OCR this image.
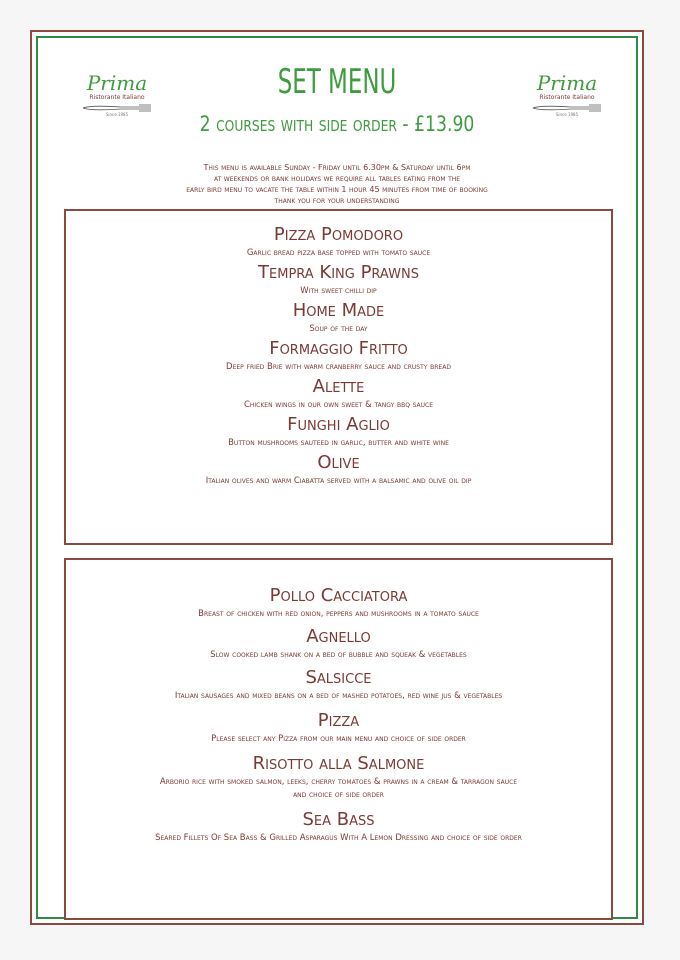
Prima
Ristorante Italiano
Since 1985
SET MENU
2 courses with side order - £13.90
Prima
Ristorante Italiano
Since 1985
This menu is available Sunday - Friday until 6.30pm & Saturday until 6pm
at weekends or bank holidays we require all tables eating from the
early bird menu to vacate the table within 1 hour 45 minutes from time of booking
thank you for your understanding
Pizza Pomodoro
Garlic bread pizza base topped with tomato sauce
Tempra King Prawns
With sweet chilli dip
Home Made
Soup of the day
Formaggio Fritto
Deep fried Brie with warm cranberry sauce and crusty bread
Alette
Chicken wings in our own sweet & tangy bbq sauce
Funghi Aglio
Button mushrooms sauteed in garlic, butter and white wine
Olive
Italian olives and warm Ciabatta served with a balsamic and olive oil dip
Pollo Cacciatora
Breast of chicken with red onion, peppers and mushrooms in a tomato sauce
Agnello
Slow cooked lamb shank on a bed of bubble and squeak & vegetables
Salsicce
Italian sausages and mixed beans on a bed of mashed potatoes, red wine jus & vegetables
Pizza
Please select any Pizza from our main menu and choice of side order
Risotto alla Salmone
Arborio rice with smoked salmon, leeks, cherry tomatoes & prawns in a cream & tarragon sauce
and choice of side order
Sea Bass
Seared Fillets Of Sea Bass & Grilled Asparagus With A Lemon Dressing and choice of side order
